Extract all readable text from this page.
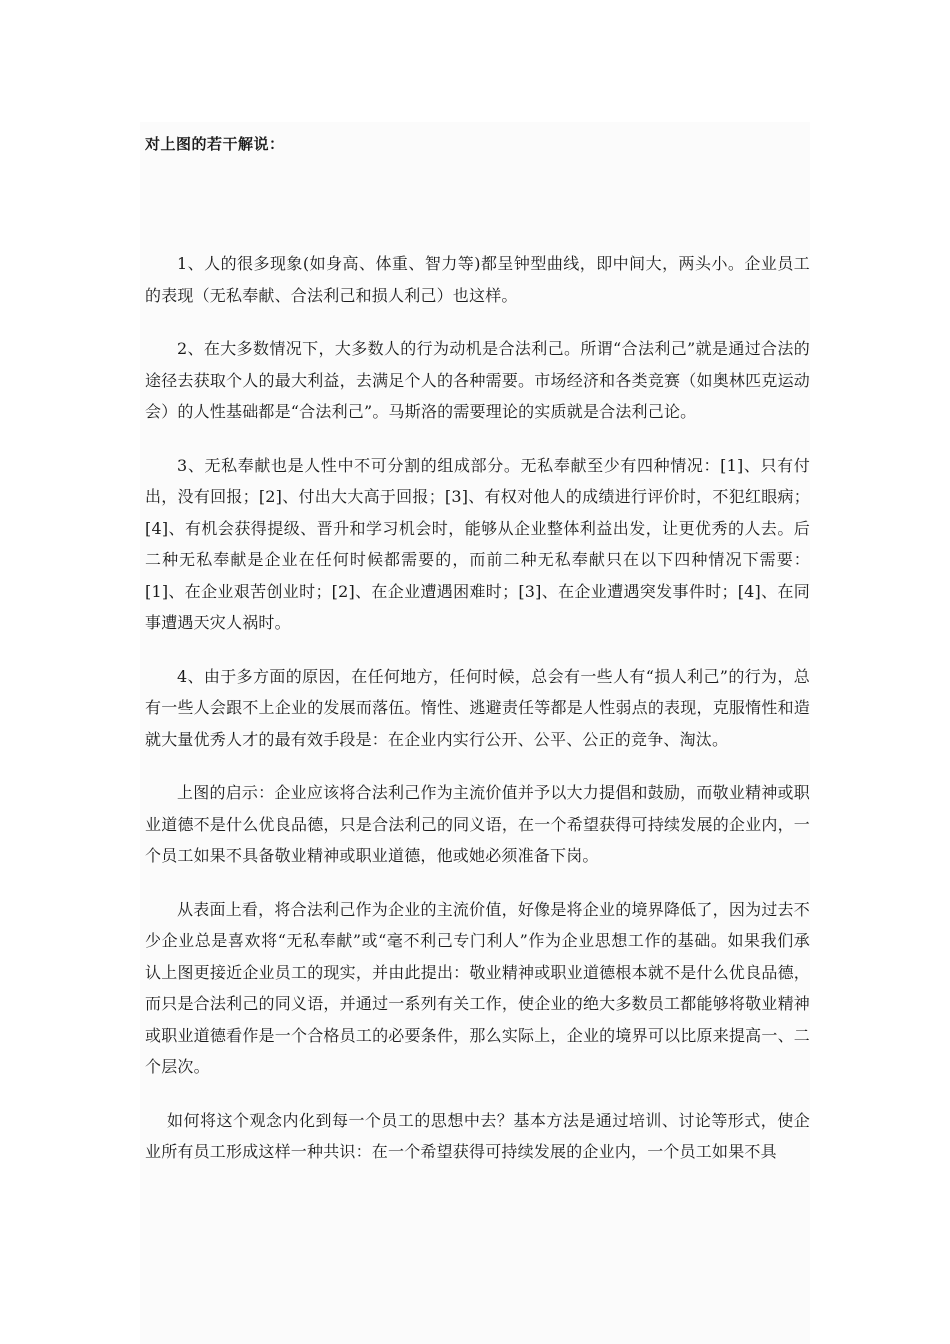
对上图的若干解说：

1、人的很多现象(如身高、体重、智力等)都呈钟型曲线，即中间大，两头小。企业员工的表现（无私奉献、合法利己和损人利己）也这样。

2、在大多数情况下，大多数人的行为动机是合法利己。所谓“合法利己”就是通过合法的途径去获取个人的最大利益，去满足个人的各种需要。市场经济和各类竞赛（如奥林匹克运动会）的人性基础都是“合法利己”。马斯洛的需要理论的实质就是合法利己论。

3、无私奉献也是人性中不可分割的组成部分。无私奉献至少有四种情况：[1]、只有付出，没有回报；[2]、付出大大高于回报；[3]、有权对他人的成绩进行评价时，不犯红眼病；[4]、有机会获得提级、晋升和学习机会时，能够从企业整体利益出发，让更优秀的人去。后二种无私奉献是企业在任何时候都需要的，而前二种无私奉献只在以下四种情况下需要：[1]、在企业艰苦创业时；[2]、在企业遭遇困难时；[3]、在企业遭遇突发事件时；[4]、在同事遭遇天灾人祸时。

4、由于多方面的原因，在任何地方，任何时候，总会有一些人有“损人利己”的行为，总有一些人会跟不上企业的发展而落伍。惰性、逃避责任等都是人性弱点的表现，克服惰性和造就大量优秀人才的最有效手段是：在企业内实行公开、公平、公正的竞争、淘汰。

上图的启示：企业应该将合法利己作为主流价值并予以大力提倡和鼓励，而敬业精神或职业道德不是什么优良品德，只是合法利己的同义语，在一个希望获得可持续发展的企业内，一个员工如果不具备敬业精神或职业道德，他或她必须准备下岗。

从表面上看，将合法利己作为企业的主流价值，好像是将企业的境界降低了，因为过去不少企业总是喜欢将“无私奉献”或“毫不利己专门利人”作为企业思想工作的基础。如果我们承认上图更接近企业员工的现实，并由此提出：敬业精神或职业道德根本就不是什么优良品德，而只是合法利己的同义语，并通过一系列有关工作，使企业的绝大多数员工都能够将敬业精神或职业道德看作是一个合格员工的必要条件，那么实际上，企业的境界可以比原来提高一、二个层次。

如何将这个观念内化到每一个员工的思想中去？基本方法是通过培训、讨论等形式，使企业所有员工形成这样一种共识：在一个希望获得可持续发展的企业内，一个员工如果不具
